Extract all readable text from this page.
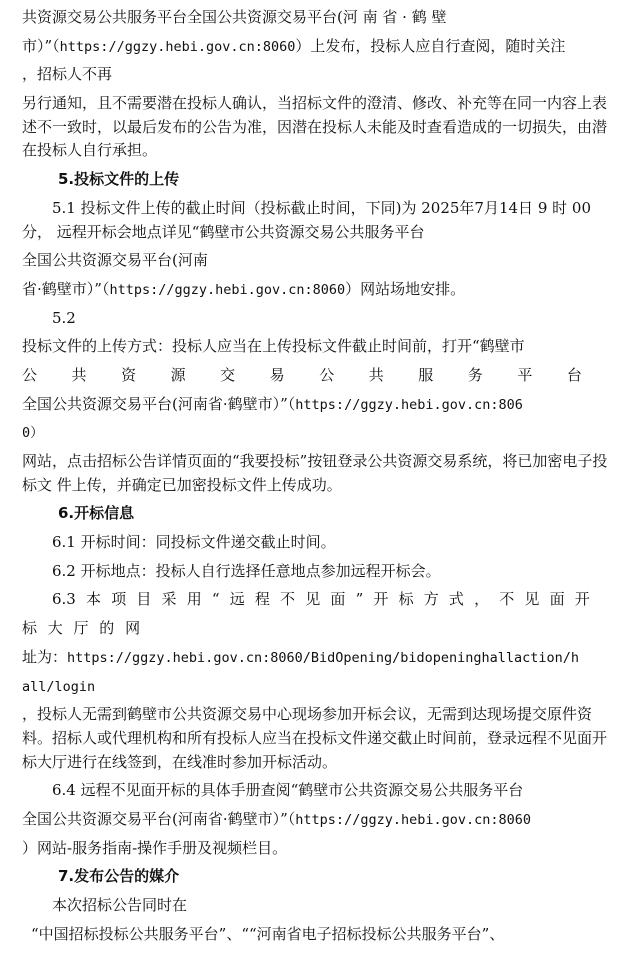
共资源交易公共服务平台全国公共资源交易平台(河 南 省 · 鹤 壁

市）”（https://ggzy.hebi.gov.cn:8060）上发布，投标人应自行查阅，随时关注

，招标人不再

另行通知，且不需要潜在投标人确认，当招标文件的澄清、修改、补充等在同一内容上表述不一致时，以最后发布的公告为准，因潜在投标人未能及时查看造成的一切损失，由潜在投标人自行承担。

5.投标文件的上传

5.1 投标文件上传的截止时间（投标截止时间，下同)为 2025年7月14日 9 时 00 分， 远程开标会地点详见“鹤壁市公共资源交易公共服务平台

全国公共资源交易平台(河南

省·鹤壁市）”（https://ggzy.hebi.gov.cn:8060）网站场地安排。

5.2

投标文件的上传方式：投标人应当在上传投标文件截止时间前，打开“鹤壁市

公 共 资 源 交 易 公 共 服 务 平 台

全国公共资源交易平台(河南省·鹤壁市）”（https://ggzy.hebi.gov.cn:806

0）

网站，点击招标公告详情页面的“我要投标”按钮登录公共资源交易系统，将已加密电子投标文 件上传，并确定已加密投标文件上传成功。

6.开标信息

6.1 开标时间：同投标文件递交截止时间。

6.2 开标地点：投标人自行选择任意地点参加远程开标会。

6.3 本 项 目 采 用 “ 远 程 不 见 面 ” 开 标 方 式 ， 不 见 面 开

标 大 厅 的 网

址为：https://ggzy.hebi.gov.cn:8060/BidOpening/bidopeninghallaction/h

all/login

，投标人无需到鹤壁市公共资源交易中心现场参加开标会议，无需到达现场提交原件资料。招标人或代理机构和所有投标人应当在投标文件递交截止时间前，登录远程不见面开标大厅进行在线签到，在线准时参加开标活动。

6.4 远程不见面开标的具体手册查阅“鹤壁市公共资源交易公共服务平台

全国公共资源交易平台(河南省·鹤壁市）”（https://ggzy.hebi.gov.cn:8060

）网站-服务指南-操作手册及视频栏目。

7.发布公告的媒介

本次招标公告同时在

“中国招标投标公共服务平台”、““河南省电子招标投标公共服务平台”、
